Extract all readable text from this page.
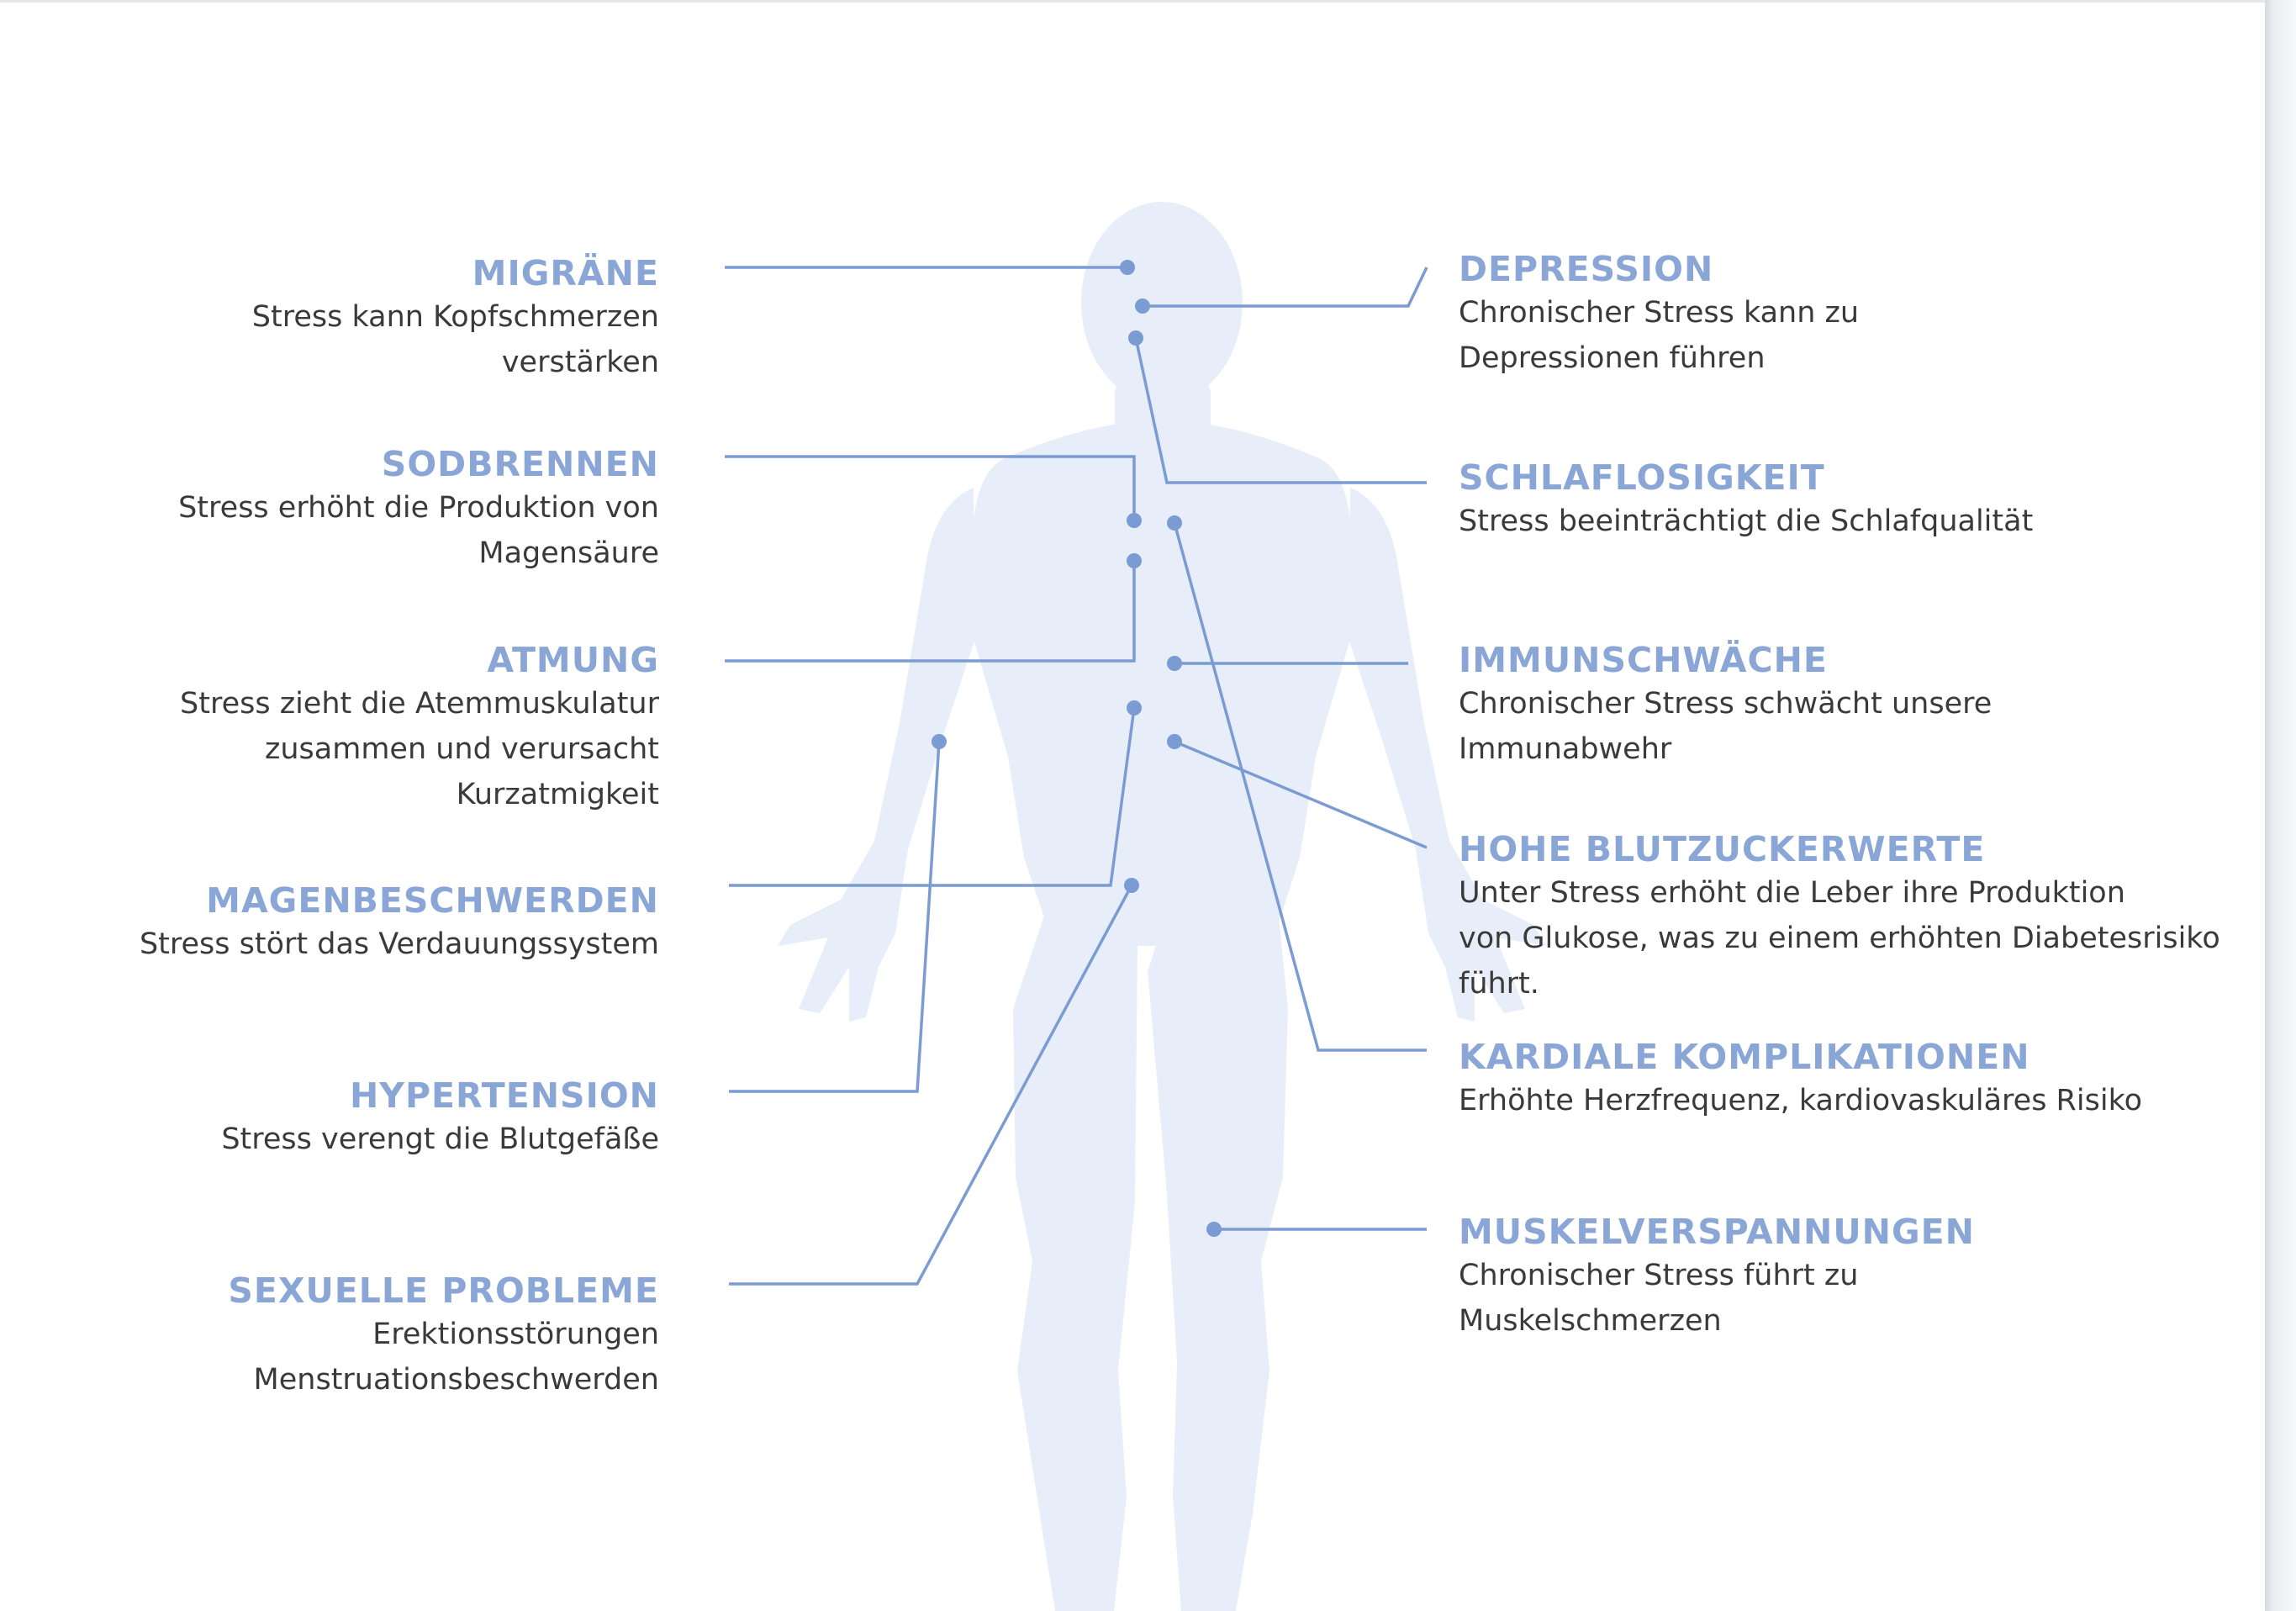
MIGRÄNE
Stress kann Kopfschmerzen
verstärken
SODBRENNEN
Stress erhöht die Produktion von
Magensäure
ATMUNG
Stress zieht die Atemmuskulatur
zusammen und verursacht
Kurzatmigkeit
MAGENBESCHWERDEN
Stress stört das Verdauungssystem
HYPERTENSION
Stress verengt die Blutgefäße
SEXUELLE PROBLEME
Erektionsstörungen
Menstruationsbeschwerden
DEPRESSION
Chronischer Stress kann zu
Depressionen führen
SCHLAFLOSIGKEIT
Stress beeinträchtigt die Schlafqualität
IMMUNSCHWÄCHE
Chronischer Stress schwächt unsere
Immunabwehr
HOHE BLUTZUCKERWERTE
Unter Stress erhöht die Leber ihre Produktion
von Glukose, was zu einem erhöhten Diabetesrisiko
führt.
KARDIALE KOMPLIKATIONEN
Erhöhte Herzfrequenz, kardiovaskuläres Risiko
MUSKELVERSPANNUNGEN
Chronischer Stress führt zu
Muskelschmerzen
